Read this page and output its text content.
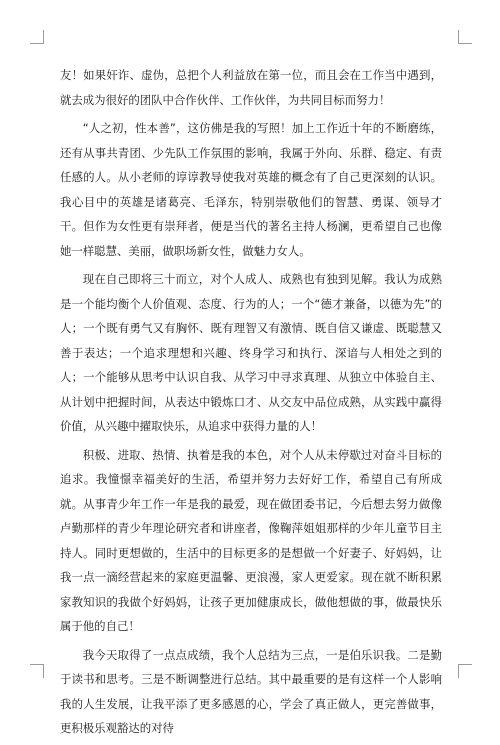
友！如果奸诈、虚伪，总把个人利益放在第一位，而且会在工作当中遇到，就去成为很好的团队中合作伙伴、工作伙伴，为共同目标而努力！

“人之初，性本善”，这仿佛是我的写照！加上工作近十年的不断磨练，还有从事共青团、少先队工作氛围的影响，我属于外向、乐群、稳定、有责任感的人。从小老师的谆谆教导使我对英雄的概念有了自己更深刻的认识。我心目中的英雄是诸葛亮、毛泽东，特别崇敬他们的智慧、勇谋、领导才干。但作为女性更有崇拜者，便是当代的著名主持人杨澜，更希望自己也像她一样聪慧、美丽，做职场新女性，做魅力女人。

现在自己即将三十而立，对个人成人、成熟也有独到见解。我认为成熟是一个能均衡个人价值观、态度、行为的人；一个“德才兼备，以德为先”的人；一个既有勇气又有胸怀、既有理智又有激情、既自信又谦虚、既聪慧又善于表达；一个追求理想和兴趣、终身学习和执行、深谙与人相处之到的人；一个能够从思考中认识自我、从学习中寻求真理、从独立中体验自主、从计划中把握时间，从表达中锻炼口才、从交友中品位成熟，从实践中赢得价值，从兴趣中擢取快乐，从追求中获得力量的人！

积极、进取、热情、执着是我的本色，对个人从未停歇过对奋斗目标的追求。我憧憬幸福美好的生活，希望并努力去好好工作，希望自己有所成就。从事青少年工作一年是我的最爱，现在做团委书记，今后想去努力做像卢勤那样的青少年理论研究者和讲座者，像鞠萍姐姐那样的少年儿童节目主持人。同时更想做的，生活中的目标更多的是想做一个好妻子、好妈妈，让我一点一滴经营起来的家庭更温馨、更浪漫，家人更爱家。现在就不断积累家教知识的我做个好妈妈，让孩子更加健康成长，做他想做的事，做最快乐属于他的自己！

我今天取得了一点点成绩，我个人总结为三点，一是伯乐识我。二是勤于读书和思考。三是不断调整进行总结。其中最重要的是有这样一个人影响我的人生发展，让我平添了更多感恩的心，学会了真正做人，更完善做事，更积极乐观豁达的对待
